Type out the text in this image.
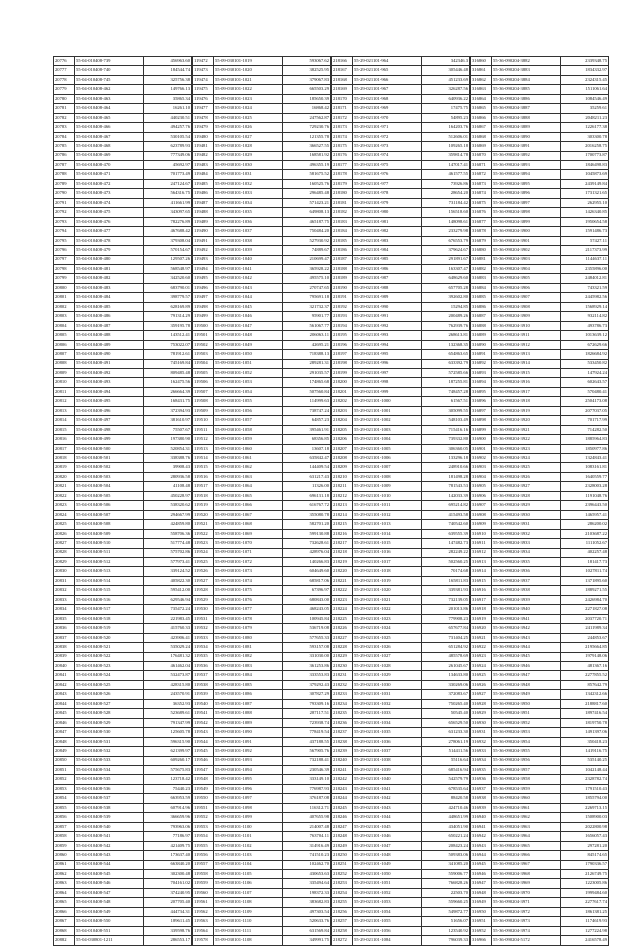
20776	55-04-010408-739	456963.60
20777	55-04-010408-740	184544.74
20778	55-04-010408-745	325756.38
20779	55-04-010408-462	149766.13
20780	55-04-010408-463	35865.34
20781	55-04-010408-464	16261.10
20782	55-04-010408-465	440230.51
20783	55-04-010408-466	494257.76
20784	55-04-010408-467	530105.54
20785	55-04-010408-468	623789.93
20786	55-04-010408-469	777349.06
20787	55-04-010408-470	45692.97
20788	55-04-010408-471	701773.49
20789	55-04-010408-472	247124.67
20790	55-04-010408-473	564316.75
20791	55-04-010408-474	411661.99
20792	55-04-010408-475	343097.65
20793	55-04-010408-476	782276.89
20794	55-04-010408-477	467688.42
20795	55-04-010408-478	379308.04
20796	55-04-010408-479	570154.67
20797	55-04-010408-480	129507.26
20798	55-04-010408-481	568548.97
20799	55-04-010408-482	342520.60
20800	55-04-010408-483	683790.01
20801	55-04-010408-484	398779.57
20802	55-04-010408-485	628169.89
20803	55-04-010408-486	791314.29
20804	55-04-010408-487	359195.78
20805	55-04-010408-488	143512.41
20806	55-04-010408-489	753022.07
20807	55-04-010408-490	781912.61
20808	55-04-010408-491	745169.84
20809	55-04-010408-492	809485.48
20810	55-04-010408-493	162475.56
20811	55-04-010408-494	266664.39
20812	55-04-010408-495	168431.75
20813	55-04-010408-496	372394.93
20814	55-04-010408-497	381610.97
20815	55-04-010408-498	75507.67
20816	55-04-010408-499	197380.90
20817	55-04-010408-500	520854.31
20818	55-04-010408-501	338388.76
20819	55-04-010408-502	39908.43
20820	55-04-010408-503	280936.58
20821	55-04-010408-504	41108.48
20822	55-04-010408-505	450228.97
20823	55-04-010408-506	538320.62
20824	55-04-010408-507	294667.99
20825	55-04-010408-508	424859.80
20826	55-04-010408-509	558706.36
20827	55-04-010408-510	517774.48
20828	55-04-010408-511	575702.86
20829	55-04-010408-512	577973.41
20830	55-04-010408-513	339124.52
20831	55-04-010408-514	405822.30
20832	55-04-010408-515	595412.00
20833	55-04-010408-516	629546.94
20834	55-04-010408-517	735472.24
20835	55-04-010408-518	221983.45
20836	55-04-010408-519	415760.33
20837	55-04-010408-520	423906.41
20838	55-04-010408-521	535029.24
20839	55-04-010408-522	176481.32
20840	55-04-010408-523	461462.04
20841	55-04-010408-524	532473.87
20842	55-04-010408-525	428315.80
20843	55-04-010408-526	243570.91
20844	55-04-010408-527	36352.93
20845	55-04-010408-528	523689.61
20846	55-04-010408-529	791347.99
20847	55-04-010408-530	125605.78
20848	55-04-010408-531	596315.90
20849	55-04-010408-532	621399.97
20850	55-04-010408-533	609260.17
20851	55-04-010408-534	575675.83
20852	55-04-010408-535	123718.42
20853	55-04-010408-536	75440.23
20854	55-04-010408-537	663953.59
20855	55-04-010408-538	607914.96
20856	55-04-010408-539	366659.96
20857	55-04-010408-540	793963.06
20858	55-04-010408-541	77186.97
20859	55-04-010408-542	421409.75
20860	55-04-010408-543	173637.40
20861	55-04-010408-544	663840.20
20862	55-04-010408-545	302300.48
20863	55-04-010408-546	704161.02
20864	55-04-010408-547	374240.95
20865	55-04-010408-548	207705.40
20866	55-04-010408-549	444734.31
20867	55-04-010408-550	189611.45
20868	55-04-010408-551	339598.76
20882	55-04-030801-1211	286553.17
119472	55-09-030101-1019	593067.62
119473	55-09-030101-1020	382525.95
119474	55-09-030101-1021	379067.83
119475	55-09-030101-1022	665503.29
119476	55-09-030101-1023	185650.39
119477	55-09-030101-1024	16868.42
119478	55-09-030101-1025	247562.87
119479	55-09-030101-1026	729230.76
119480	55-09-030101-1027	121355.78
119481	55-09-030101-1028	366527.55
119482	55-09-030101-1029	168581.92
119483	55-09-030101-1030	496355.19
119484	55-09-030101-1031	581675.52
119485	55-09-030101-1032	160525.76
119486	55-09-030101-1033	296485.48
119487	55-09-030101-1034	571423.21
119488	55-09-030101-1035	649808.13
119489	55-09-030101-1036	465187.75
119490	55-09-030101-1037	750484.20
119491	55-09-030101-1038	527930.92
119492	55-09-030101-1039	74889.67
119493	55-09-030101-1040	210699.47
119494	55-09-030101-1041	365928.22
119495	55-09-030101-1042	495575.10
119496	55-09-030101-1043	270747.65
119497	55-09-030101-1044	795691.18
119498	55-09-030101-1045	321732.37
119499	55-09-030101-1046	95901.77
119500	55-09-030101-1047	561067.77
119501	55-09-030101-1048	206063.11
119502	55-09-030101-1049	42695.21
119503	55-09-030101-1050	718388.13
119504	55-09-030101-1051	289281.31
119505	55-09-030101-1052	291035.57
119506	55-09-030101-1053	174865.68
119507	55-09-030101-1054	507560.84
119508	55-09-030101-1055	114999.63
119509	55-09-030101-1056	738747.24
119510	55-09-030101-1057	64857.23
119511	55-09-030101-1058	395461.91
119512	55-09-030101-1059	68356.85
119513	55-09-030101-1060	13607.18
119514	55-09-030101-1061	635842.47
119515	55-09-030101-1062	144409.54
119516	55-09-030101-1063	631217.43
119517	55-09-030101-1064	11326.00
119518	55-09-030101-1065	696131.18
119519	55-09-030101-1066	616767.72
119520	55-09-030101-1067	355080.78
119521	55-09-030101-1068	582701.20
119522	55-09-030101-1069	599130.88
119523	55-09-030101-1070	732628.61
119524	55-09-030101-1071	428976.04
119525	55-09-030101-1072	140266.83
119526	55-09-030101-1073	604649.60
119527	55-09-030101-1074	685817.06
119528	55-09-030101-1075	67396.97
119529	55-09-030101-1076	680843.00
119530	55-09-030101-1077	468243.05
119531	55-09-030101-1078	100945.84
119532	55-09-030101-1079	536719.08
119533	55-09-030101-1080	577655.33
119534	55-09-030101-1081	593157.08
119535	55-09-030101-1082	331030.00
119536	55-09-030101-1083	361253.86
119537	55-09-030101-1084	333553.83
119538	55-09-030101-1085	379292.43
119539	55-09-030101-1086	307827.29
119540	55-09-030101-1087	793309.16
119541	55-09-030101-1088	287117.51
119542	55-09-030101-1089	723938.74
119543	55-09-030101-1090	778419.54
119544	55-09-030101-1091	437188.55
119545	55-09-030101-1092	567905.76
119546	55-09-030101-1093	732188.41
119547	55-09-030101-1094	230546.39
119548	55-09-030101-1095	333149.10
119549	55-09-030101-1096	776987.93
119550	55-09-030101-1097	376187.08
119551	55-09-030101-1098	116312.71
119552	55-09-030101-1099	407655.98
119553	55-09-030101-1100	214007.48
119554	55-09-030101-1101	763704.11
119555	55-09-030101-1102	314916.49
119556	55-09-030101-1103	741510.23
119557	55-09-030101-1104	102462.70
119558	55-09-030101-1105	430653.63
119559	55-09-030101-1106	335494.64
119560	55-09-030101-1107	198372.33
119561	55-09-030101-1108	383682.83
119562	55-09-030101-1109	497303.54
119563	55-09-030101-1110	520633.76
119564	55-09-030101-1111	631569.84
119578	55-09-030101-1108	349991.75
218166	55-29-021101-964	342346.3
218167	55-29-021101-965	305446.48
218168	55-29-021101-966	451233.69
218169	55-29-021101-967	326287.56
218170	55-29-021101-968	640936.22
218171	55-29-021101-969	17475.75
218172	55-29-021101-970	54895.23
218173	55-29-021101-971	164203.76
218174	55-29-021101-972	512606.01
218175	55-29-021101-973	109265.18
218176	55-29-021101-974	359814.78
218177	55-29-021101-975	147017.41
218178	55-29-021101-976	461577.55
218179	55-29-021101-977	73926.86
218180	55-29-021101-978	28654.20
218181	55-29-021101-979	731184.42
218182	55-29-021101-980	156518.60
218183	55-29-021101-981	148098.61
218184	55-29-021101-982	233279.98
218185	55-29-021101-983	676553.79
218186	55-29-021101-984	379624.67
218187	55-29-021101-985	291891.67
218188	55-29-021101-986	163307.47
218189	55-29-021101-987	648629.60
218190	55-29-021101-988	657705.28
218191	55-29-021101-989	392602.80
218192	55-29-021101-990	15294.85
218193	55-29-021101-991	200489.26
218194	55-29-021101-992	762939.76
218195	55-29-021101-993	268613.81
218196	55-29-021101-994	132368.35
218197	55-29-021101-995	654863.65
218198	55-29-021101-996	633392.79
218199	55-29-021101-997	572585.66
218200	55-29-021101-998	187255.81
218201	55-29-021101-999	748457.28
218202	55-29-021101-1000	61567.51
218203	55-29-021101-1001	305099.55
218204	55-29-021101-1002	548103.49
218205	55-29-021101-1003	715416.16
218206	55-29-021101-1004	739332.80
218207	55-29-021101-1005	306360.05
218208	55-29-021101-1006	133296.18
218209	55-29-021101-1007	248910.66
218210	55-29-021101-1008	181498.28
218211	55-29-021101-1009	781543.53
218212	55-29-021101-1010	142033.39
218213	55-29-021101-1011	695214.82
218214	55-29-021101-1012	415493.58
218215	55-29-021101-1013	740542.60
218216	55-29-021101-1014	639555.39
218217	55-29-021101-1015	147482.73
218218	55-29-021101-1016	282249.22
218219	55-29-021101-1017	502560.25
218220	55-29-021101-1018	70174.68
218221	55-29-021101-1019	165811.83
218222	55-29-021101-1020	339381.93
218223	55-29-021101-1021	732139.05
218224	55-29-021101-1022	201013.86
218225	55-29-021101-1023	779908.23
218226	55-29-021101-1024	657677.84
218227	55-29-021101-1025	731404.25
218228	55-29-021101-1026	651284.92
218229	55-29-021101-1027	485578.69
218230	55-29-021101-1028	261045.67
218231	55-29-021101-1029	134633.80
218232	55-29-021101-1030	330269.06
218233	55-29-021101-1031	372083.67
218234	55-29-021101-1032	750265.40
218235	55-29-021101-1033	50545.40
218236	55-29-021101-1034	656529.50
218237	55-29-021101-1035	631233.30
218238	55-29-021101-1036	278061.19
218239	55-29-021101-1037	514411.56
218240	55-29-021101-1038	55116.64
218241	55-29-021101-1039	685416.94
218242	55-29-021101-1040	542579.79
218243	55-29-021101-1041	678535.64
218244	55-29-021101-1042	88420.58
218245	55-29-021101-1043	424710.46
218246	55-29-021101-1044	448651.99
218247	55-29-021101-1045	434051.90
218248	55-29-021101-1046	650221.24
218249	55-29-021101-1047	208423.24
218250	55-29-021101-1048	509383.06
218251	55-29-021101-1049	341085.20
218252	55-29-021101-1050	559006.77
218253	55-29-021101-1051	766828.26
218254	55-29-021101-1052	22503.70
218255	55-29-021101-1053	559660.25
218256	55-29-021101-1054	549872.77
218257	55-29-021101-1055	51656.07
218258	55-29-021101-1056	123540.92
218272	55-29-021101-1084	796039.33
316860	55-36-090204-3882	2339348.75
316861	55-36-090204-3883	1834332.97
316862	55-36-090204-3884	2324315.45
316863	55-36-090204-3885	1511061.64
316864	55-36-090204-3886	1084546.49
316865	55-36-090204-3887	35259.61
316866	55-36-090204-3888	2048211.23
316867	55-36-090204-3889	1226177.38
316868	55-36-090204-3890	303300.78
316869	55-36-090204-3891	2016258.75
316870	55-36-090204-3892	1700773.87
316871	55-36-090204-3893	1846498.83
316872	55-36-090204-3894	1045873.69
316873	55-36-090204-3895	2439149.84
316874	55-36-090204-3896	1731321.65
316875	55-36-090204-3897	262955.10
316876	55-36-090204-3898	1426340.85
316877	55-36-090204-3899	1950654.58
316878	55-36-090204-3900	1591486.73
316879	55-36-090204-3901	57427.11
316880	55-36-090204-3902	2117373.99
316881	55-36-090204-3903	1144637.11
316882	55-36-090204-3904	2355896.00
316883	55-36-090204-3905	2484012.81
316884	55-36-090204-3906	743321.59
316885	55-36-090204-3907	2445982.56
316886	55-36-090204-3908	1568929.14
316887	55-36-090204-3909	932114.82
316888	55-36-090204-3910	493786.73
316889	55-36-090204-3911	1013639.12
316890	55-36-090204-3912	672629.66
316891	55-36-090204-3913	1826684.92
316892	55-36-090204-3914	533450.82
316893	55-36-090204-3915	147924.24
316894	55-36-090204-3916	602643.57
316895	55-36-090204-3917	570480.41
316896	55-36-090204-3918	2504173.08
316897	55-36-090204-3919	2077037.05
316898	55-36-090204-3920	701717.99
316899	55-36-090204-3921	714282.50
316900	55-36-090204-3922	1885964.83
316901	55-36-090204-3923	1850977.86
316902	55-36-090204-3924	1324843.41
316903	55-36-090204-3925	1083161.81
316904	55-36-090204-3926	1640559.77
316905	55-36-090204-3927	2328003.28
316906	55-36-090204-3928	1191048.76
316907	55-36-090204-3929	2396443.50
316908	55-36-090204-3930	1465957.41
316909	55-36-090204-3931	286200.02
316910	55-36-090204-3932	2103687.22
316911	55-36-090204-3933	1111052.67
316912	55-36-090204-3934	402257.48
316913	55-36-090204-3935	181417.73
316914	55-36-090204-3936	1027811.74
316915	55-36-090204-3937	1371895.60
316916	55-36-090204-3938	1889271.55
316917	55-36-090204-3939	2426984.70
316918	55-36-090204-3940	2271827.08
316919	55-36-090204-3941	2037720.71
316920	55-36-090204-3942	2411989.34
316921	55-36-090204-3943	244853.67
316922	55-36-090204-3944	2195664.85
316923	55-36-090204-3945	1979148.06
316924	55-36-090204-3946	481367.16
316925	55-36-090204-3947	2277855.52
316926	55-36-090204-3948	857642.79
316927	55-36-090204-3949	1342312.66
316928	55-36-090204-3950	2188817.60
316929	55-36-090204-3951	1897416.54
316930	55-36-090204-3952	1819750.78
316931	55-36-090204-3953	1491397.06
316932	55-36-090204-3954	350418.23
316933	55-36-090204-3955	1419116.75
316934	55-36-090204-3956	535140.25
316935	55-36-090204-3957	1042148.44
316936	55-36-090204-3958	2328782.74
316937	55-36-090204-3959	1791510.43
316938	55-36-090204-3960	1855794.00
316939	55-36-090204-3961	2269713.15
316940	55-36-090204-3962	1508900.03
316941	55-36-090204-3963	2022800.98
316942	55-36-090204-3964	1656057.43
316943	55-36-090204-3965	297281.20
316944	55-36-090204-3966	845174.65
316945	55-36-090204-3967	1790336.57
316946	55-36-090204-3968	2126749.75
316947	55-36-090204-3969	1223005.86
316948	55-36-090204-3970	1999484.60
316949	55-36-090204-3971	2277617.74
316950	55-36-090204-3972	1861381.25
316951	55-36-090204-3973	1174619.93
316952	55-36-090204-3974	1277224.98
316966	55-36-090204-5172	2416578.49
